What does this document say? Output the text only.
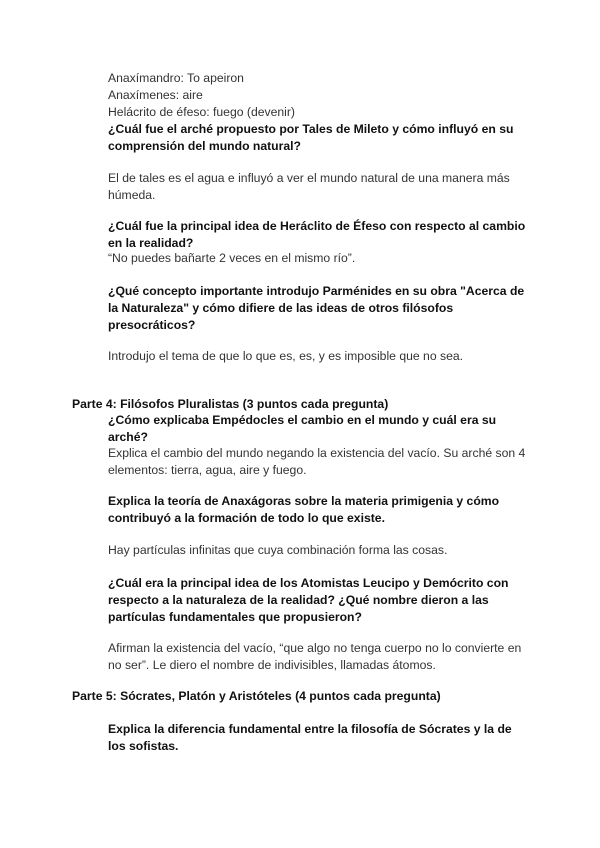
Anaxímandro: To apeiron
Anaxímenes: aire
Helácrito de éfeso: fuego (devenir)
¿Cuál fue el arché propuesto por Tales de Mileto y cómo influyó en su
comprensión del mundo natural?
El de tales es el agua e influyó a ver el mundo natural de una manera más
húmeda.
¿Cuál fue la principal idea de Heráclito de Éfeso con respecto al cambio
en la realidad?
“No puedes bañarte 2 veces en el mismo río”.
¿Qué concepto importante introdujo Parménides en su obra "Acerca de
la Naturaleza" y cómo difiere de las ideas de otros filósofos
presocráticos?
Introdujo el tema de que lo que es, es, y es imposible que no sea.
Parte 4: Filósofos Pluralistas (3 puntos cada pregunta)
¿Cómo explicaba Empédocles el cambio en el mundo y cuál era su
arché?
Explica el cambio del mundo negando la existencia del vacío. Su arché son 4
elementos: tierra, agua, aire y fuego.
Explica la teoría de Anaxágoras sobre la materia primigenia y cómo
contribuyó a la formación de todo lo que existe.
Hay partículas infinitas que cuya combinación forma las cosas.
¿Cuál era la principal idea de los Atomistas Leucipo y Demócrito con
respecto a la naturaleza de la realidad? ¿Qué nombre dieron a las
partículas fundamentales que propusieron?
Afirman la existencia del vacío, “que algo no tenga cuerpo no lo convierte en
no ser”. Le diero el nombre de indivisibles, llamadas átomos.
Parte 5: Sócrates, Platón y Aristóteles (4 puntos cada pregunta)
Explica la diferencia fundamental entre la filosofía de Sócrates y la de
los sofistas.
